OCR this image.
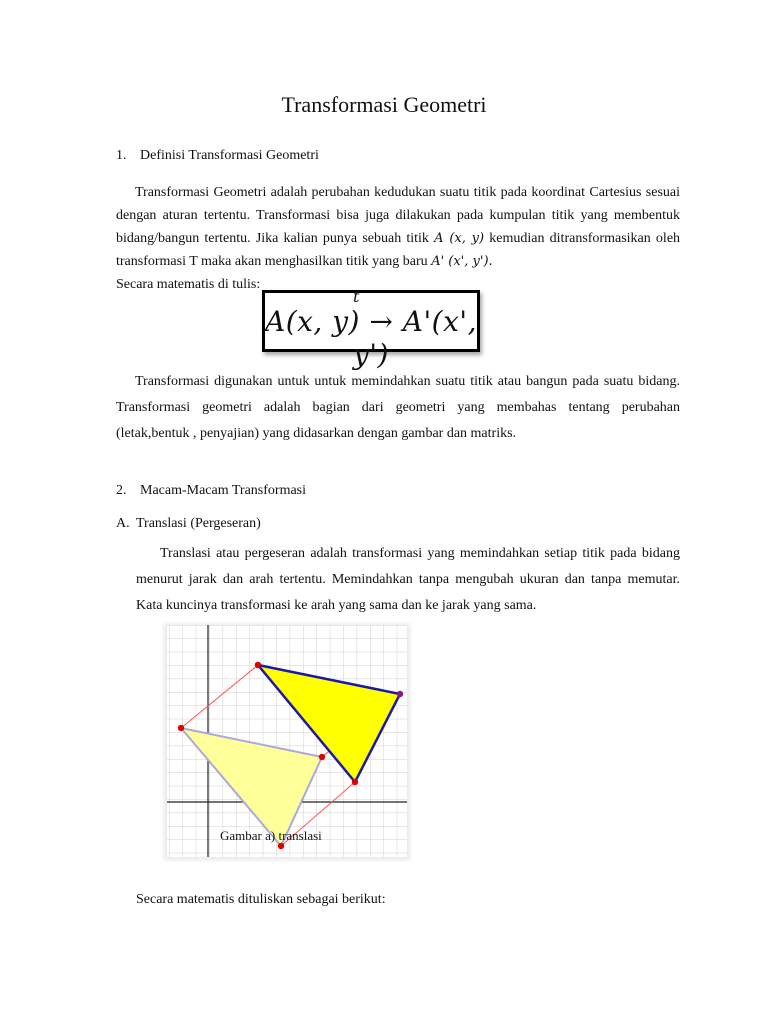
Transformasi Geometri
1. Definisi Transformasi Geometri
Transformasi Geometri adalah perubahan kedudukan suatu titik pada koordinat Cartesius sesuai dengan aturan tertentu. Transformasi bisa juga dilakukan pada kumpulan titik yang membentuk bidang/bangun tertentu. Jika kalian punya sebuah titik A (x, y) kemudian ditransformasikan oleh transformasi T maka akan menghasilkan titik yang baru A' (x', y').
Secara matematis di tulis:
t
A(x, y) → A'(x', y')
Transformasi digunakan untuk untuk memindahkan suatu titik atau bangun pada suatu bidang. Transformasi geometri adalah bagian dari geometri yang membahas tentang perubahan (letak,bentuk , penyajian) yang didasarkan dengan gambar dan matriks.
2. Macam-Macam Transformasi
A. Translasi (Pergeseran)
Translasi atau pergeseran adalah transformasi yang memindahkan setiap titik pada bidang menurut jarak dan arah tertentu. Memindahkan tanpa mengubah ukuran dan tanpa memutar. Kata kuncinya transformasi ke arah yang sama dan ke jarak yang sama.
Gambar a) translasi
Secara matematis dituliskan sebagai berikut:
